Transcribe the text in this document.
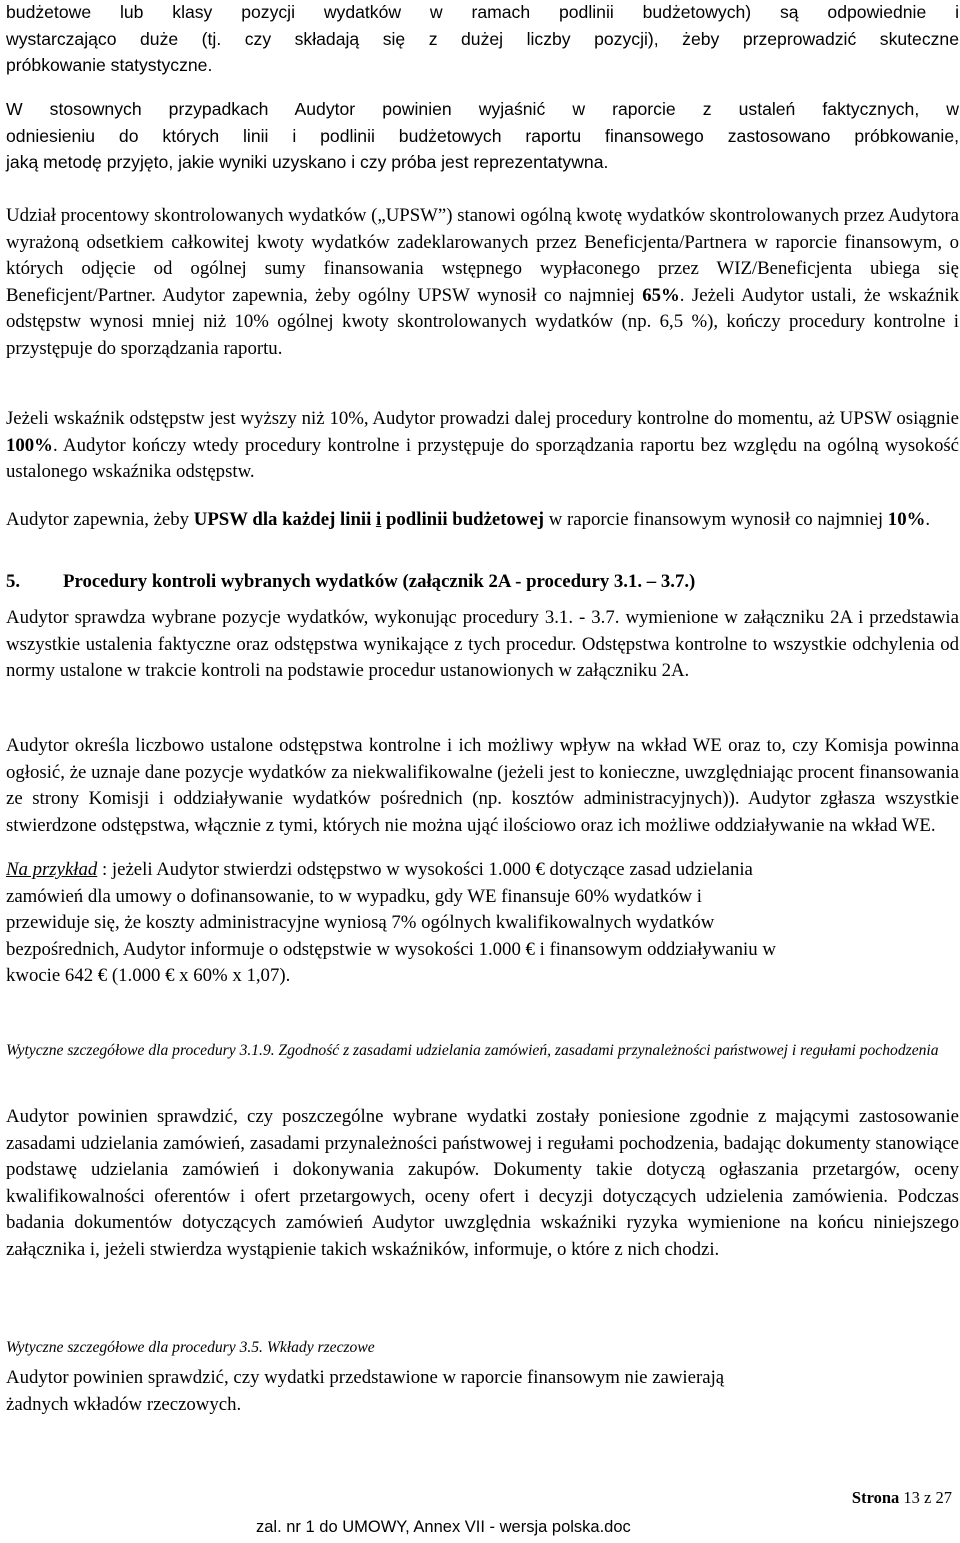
budżetowe lub klasy pozycji wydatków w ramach podlinii budżetowych) są odpowiednie i

wystarczająco duże (tj. czy składają się z dużej liczby pozycji), żeby przeprowadzić skuteczne

próbkowanie statystyczne.

W stosownych przypadkach Audytor powinien wyjaśnić w raporcie z ustaleń faktycznych, w

odniesieniu do których linii i podlinii budżetowych raportu finansowego zastosowano próbkowanie,

jaką metodę przyjęto, jakie wyniki uzyskano i czy próba jest reprezentatywna.

Udział procentowy skontrolowanych wydatków („UPSW”) stanowi ogólną kwotę wydatków skontrolowanych przez Audytora wyrażoną odsetkiem całkowitej kwoty wydatków zadeklarowanych przez Beneficjenta/Partnera w raporcie finansowym, o których odjęcie od ogólnej sumy finansowania wstępnego wypłaconego przez WIZ/Beneficjenta ubiega się Beneficjent/Partner. Audytor zapewnia, żeby ogólny UPSW wynosił co najmniej 65%. Jeżeli Audytor ustali, że wskaźnik odstępstw wynosi mniej niż 10% ogólnej kwoty skontrolowanych wydatków (np. 6,5 %), kończy procedury kontrolne i przystępuje do sporządzania raportu.

Jeżeli wskaźnik odstępstw jest wyższy niż 10%, Audytor prowadzi dalej procedury kontrolne do momentu, aż UPSW osiągnie 100%. Audytor kończy wtedy procedury kontrolne i przystępuje do sporządzania raportu bez względu na ogólną wysokość ustalonego wskaźnika odstępstw.

Audytor zapewnia, żeby UPSW dla każdej linii i podlinii budżetowej w raporcie finansowym wynosił co najmniej 10%.

5. Procedury kontroli wybranych wydatków (załącznik 2A - procedury 3.1. – 3.7.)

Audytor sprawdza wybrane pozycje wydatków, wykonując procedury 3.1. - 3.7. wymienione w załączniku 2A i przedstawia wszystkie ustalenia faktyczne oraz odstępstwa wynikające z tych procedur. Odstępstwa kontrolne to wszystkie odchylenia od normy ustalone w trakcie kontroli na podstawie procedur ustanowionych w załączniku 2A.

Audytor określa liczbowo ustalone odstępstwa kontrolne i ich możliwy wpływ na wkład WE oraz to, czy Komisja powinna ogłosić, że uznaje dane pozycje wydatków za niekwalifikowalne (jeżeli jest to konieczne, uwzględniając procent finansowania ze strony Komisji i oddziaływanie wydatków pośrednich (np. kosztów administracyjnych)). Audytor zgłasza wszystkie stwierdzone odstępstwa, włącznie z tymi, których nie można ująć ilościowo oraz ich możliwe oddziaływanie na wkład WE.

Na przykład : jeżeli Audytor stwierdzi odstępstwo w wysokości 1.000 € dotyczące zasad udzielania

zamówień dla umowy o dofinansowanie, to w wypadku, gdy WE finansuje 60% wydatków i

przewiduje się, że koszty administracyjne wyniosą 7% ogólnych kwalifikowalnych wydatków

bezpośrednich, Audytor informuje o odstępstwie w wysokości 1.000 € i finansowym oddziaływaniu w

kwocie 642 € (1.000 € x 60% x 1,07).

Wytyczne szczegółowe dla procedury 3.1.9. Zgodność z zasadami udzielania zamówień, zasadami przynależności państwowej i regułami pochodzenia

Audytor powinien sprawdzić, czy poszczególne wybrane wydatki zostały poniesione zgodnie z mającymi zastosowanie zasadami udzielania zamówień, zasadami przynależności państwowej i regułami pochodzenia, badając dokumenty stanowiące podstawę udzielania zamówień i dokonywania zakupów. Dokumenty takie dotyczą ogłaszania przetargów, oceny kwalifikowalności oferentów i ofert przetargowych, oceny ofert i decyzji dotyczących udzielenia zamówienia. Podczas badania dokumentów dotyczących zamówień Audytor uwzględnia wskaźniki ryzyka wymienione na końcu niniejszego załącznika i, jeżeli stwierdza wystąpienie takich wskaźników, informuje, o które z nich chodzi.

Wytyczne szczegółowe dla procedury 3.5. Wkłady rzeczowe

Audytor powinien sprawdzić, czy wydatki przedstawione w raporcie finansowym nie zawierają

żadnych wkładów rzeczowych.

Strona 13 z 27
zal. nr 1 do UMOWY, Annex VII - wersja polska.doc
